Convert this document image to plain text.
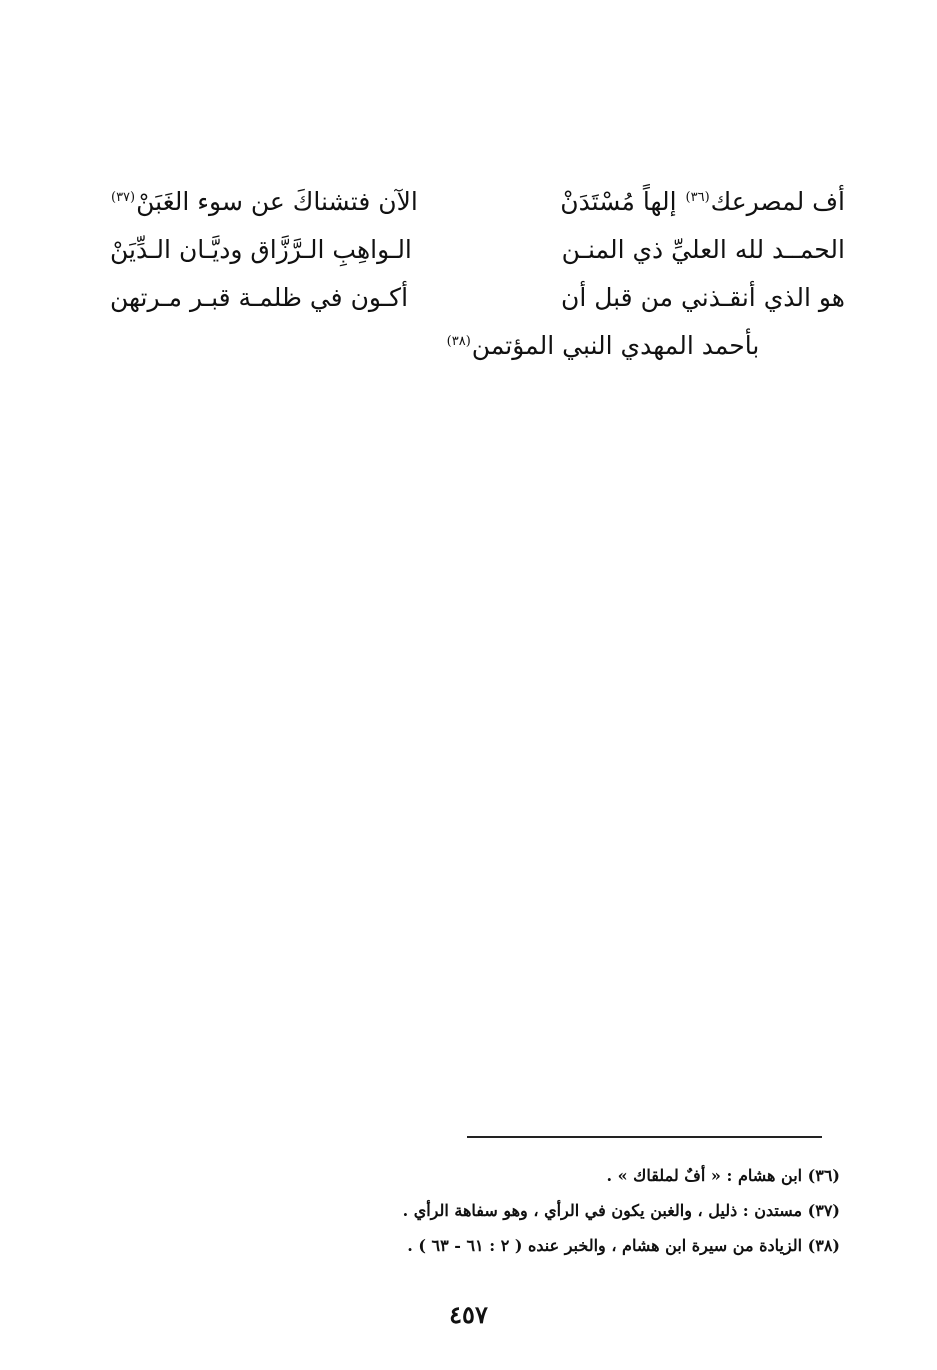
أف لمصرعك$^{(٣٦)}$ إلهاً مُسْتَدَنْ
الآن فتشناكَ عن سوء الغَبَنْ$^{(٣٧)}$
الحمــد لله العليِّ ذي المنـن
الـواهِبِ الـرَّزَّاق وديَّـان الـدِّيَنْ
هو الذي أنقـذني من قبل أن
أكـون في ظلمـة قبـر مـرتهن
بأحمد المهدي النبي المؤتمن$^{(٣٨)}$
(٣٦) ابن هشام : « أفٌ لملقاك » .
(٣٧) مستدن : ذليل ، والغبن يكون في الرأي ، وهو سفاهة الرأي .
(٣٨) الزيادة من سيرة ابن هشام ، والخبر عنده ( ٢ : ٦١ - ٦٣ ) .
٤٥٧
